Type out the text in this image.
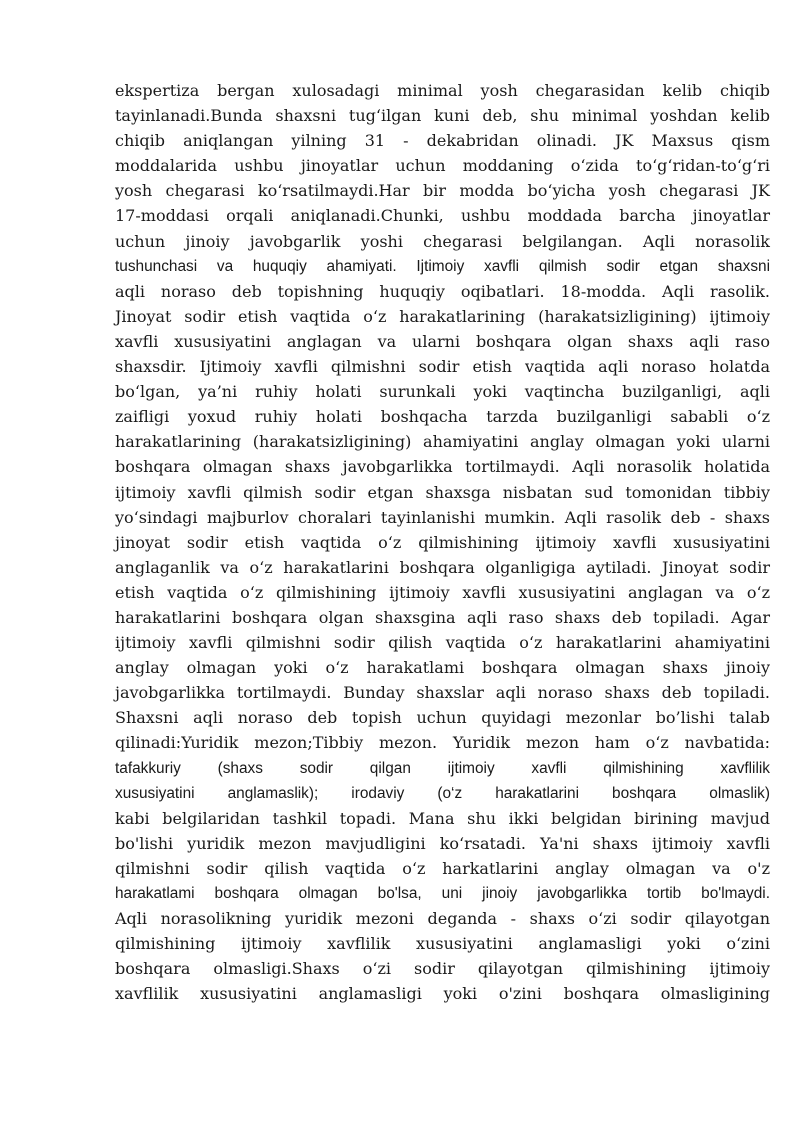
ekspertiza bergan xulosadagi minimal yosh chegarasidan kelib chiqib
tayinlanadi.Bunda shaxsni tug‘ilgan kuni deb, shu minimal yoshdan kelib
chiqib aniqlangan yilning 31 - dekabridan olinadi. JK Maxsus qism
moddalarida ushbu jinoyatlar uchun moddaning o‘zida to‘g‘ridan-to‘g‘ri
yosh chegarasi ko‘rsatilmaydi.Har bir modda bo‘yicha yosh chegarasi JK
17-moddasi orqali aniqlanadi.Chunki, ushbu moddada barcha jinoyatlar
uchun jinoiy javobgarlik yoshi chegarasi belgilangan. Aqli norasolik
tushunchasi va huquqiy ahamiyati. Ijtimoiy xavfli qilmish sodir etgan shaxsni
aqli noraso deb topishning huquqiy oqibatlari. 18-modda. Aqli rasolik.
Jinoyat sodir etish vaqtida o‘z harakatlarining (harakatsizligining) ijtimoiy
xavfli xususiyatini anglagan va ularni boshqara olgan shaxs aqli raso
shaxsdir. Ijtimoiy xavfli qilmishni sodir etish vaqtida aqli noraso holatda
bo‘lgan, ya’ni ruhiy holati surunkali yoki vaqtincha buzilganligi, aqli
zaifligi yoxud ruhiy holati boshqacha tarzda buzilganligi sababli o‘z
harakatlarining (harakatsizligining) ahamiyatini anglay olmagan yoki ularni
boshqara olmagan shaxs javobgarlikka tortilmaydi. Aqli norasolik holatida
ijtimoiy xavfli qilmish sodir etgan shaxsga nisbatan sud tomonidan tibbiy
yo‘sindagi majburlov choralari tayinlanishi mumkin. Aqli rasolik deb - shaxs
jinoyat sodir etish vaqtida o‘z qilmishining ijtimoiy xavfli xususiyatini
anglaganlik va o‘z harakatlarini boshqara olganligiga aytiladi. Jinoyat sodir
etish vaqtida o‘z qilmishining ijtimoiy xavfli xususiyatini anglagan va o‘z
harakatlarini boshqara olgan shaxsgina aqli raso shaxs deb topiladi. Agar
ijtimoiy xavfli qilmishni sodir qilish vaqtida o‘z harakatlarini ahamiyatini
anglay olmagan yoki o‘z harakatlami boshqara olmagan shaxs jinoiy
javobgarlikka tortilmaydi. Bunday shaxslar aqli noraso shaxs deb topiladi.
Shaxsni aqli noraso deb topish uchun quyidagi mezonlar bo’lishi talab
qilinadi:Yuridik mezon;Tibbiy mezon. Yuridik mezon ham o‘z navbatida:
tafakkuriy (shaxs sodir qilgan ijtimoiy xavfli qilmishining xavflilik
xususiyatini anglamaslik); irodaviy (o‘z harakatlarini boshqara olmaslik)
kabi belgilaridan tashkil topadi. Mana shu ikki belgidan birining mavjud
bo'lishi yuridik mezon mavjudligini ko‘rsatadi. Ya'ni shaxs ijtimoiy xavfli
qilmishni sodir qilish vaqtida o‘z harkatlarini anglay olmagan va o'z
harakatlami boshqara olmagan bo'lsa, uni jinoiy javobgarlikka tortib bo'lmaydi.
Aqli norasolikning yuridik mezoni deganda - shaxs o‘zi sodir qilayotgan
qilmishining ijtimoiy xavflilik xususiyatini anglamasligi yoki o‘zini
boshqara olmasligi.Shaxs o‘zi sodir qilayotgan qilmishining ijtimoiy
xavflilik xususiyatini anglamasligi yoki o'zini boshqara olmasligining
